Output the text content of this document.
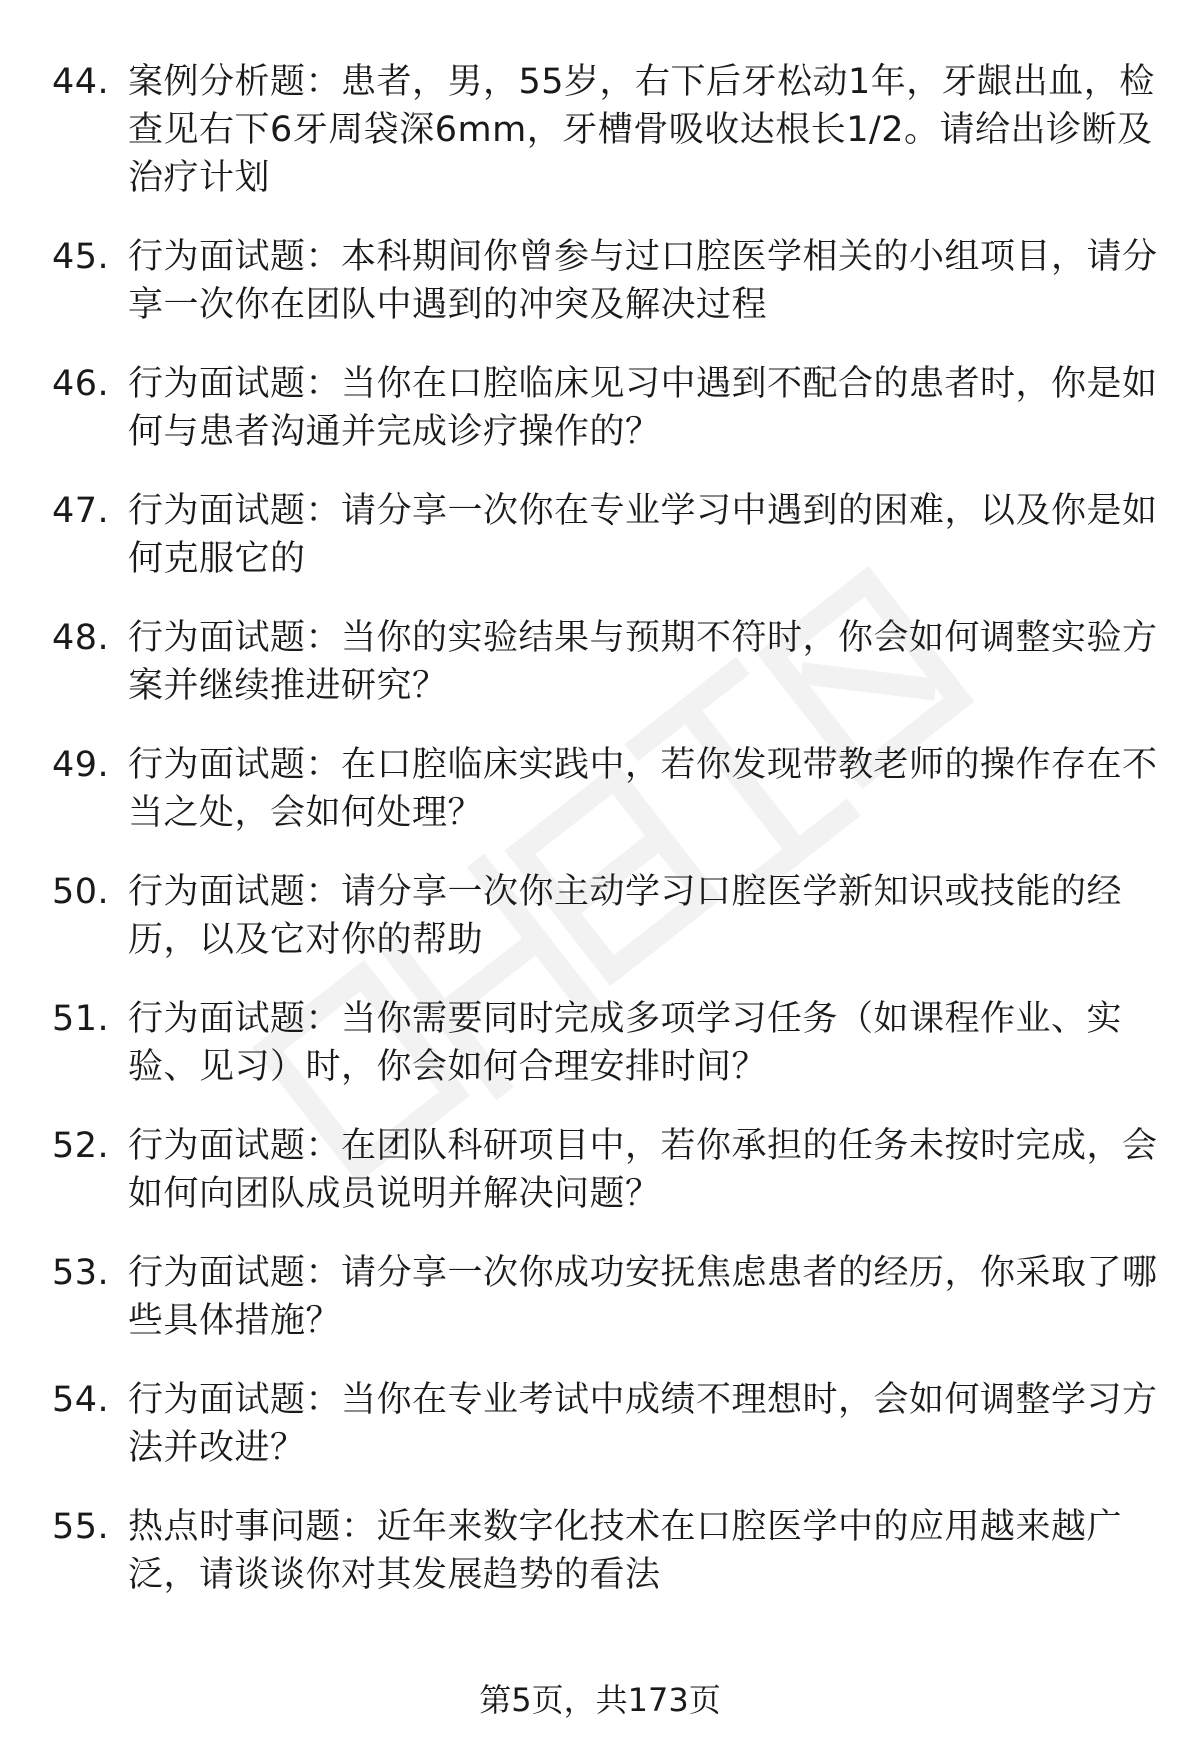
44. 案例分析题：患者，男，55岁，右下后牙松动1年，牙龈出血，检查见右下6牙周袋深6mm，牙槽骨吸收达根长1/2。请给出诊断及治疗计划
45. 行为面试题：本科期间你曾参与过口腔医学相关的小组项目，请分享一次你在团队中遇到的冲突及解决过程
46. 行为面试题：当你在口腔临床见习中遇到不配合的患者时，你是如何与患者沟通并完成诊疗操作的？
47. 行为面试题：请分享一次你在专业学习中遇到的困难，以及你是如何克服它的
48. 行为面试题：当你的实验结果与预期不符时，你会如何调整实验方案并继续推进研究？
49. 行为面试题：在口腔临床实践中，若你发现带教老师的操作存在不当之处，会如何处理？
50. 行为面试题：请分享一次你主动学习口腔医学新知识或技能的经历，以及它对你的帮助
51. 行为面试题：当你需要同时完成多项学习任务（如课程作业、实验、见习）时，你会如何合理安排时间？
52. 行为面试题：在团队科研项目中，若你承担的任务未按时完成，会如何向团队成员说明并解决问题？
53. 行为面试题：请分享一次你成功安抚焦虑患者的经历，你采取了哪些具体措施？
54. 行为面试题：当你在专业考试中成绩不理想时，会如何调整学习方法并改进？
55. 热点时事问题：近年来数字化技术在口腔医学中的应用越来越广泛，请谈谈你对其发展趋势的看法
第5页，共173页
